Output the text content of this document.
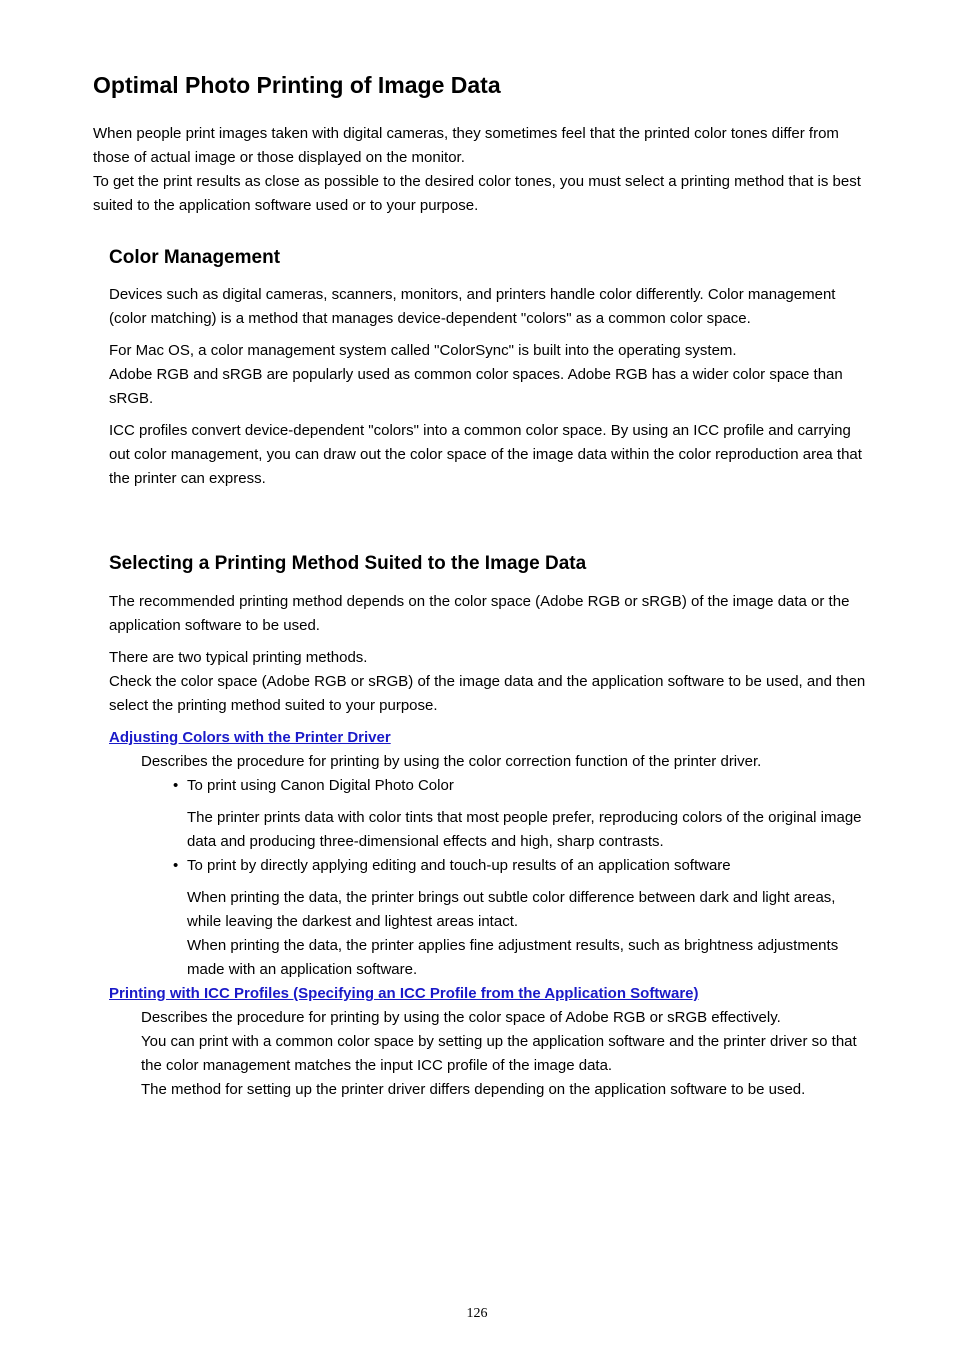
Optimal Photo Printing of Image Data

When people print images taken with digital cameras, they sometimes feel that the printed color tones differ from those of actual image or those displayed on the monitor.

To get the print results as close as possible to the desired color tones, you must select a printing method that is best suited to the application software used or to your purpose.

Color Management

Devices such as digital cameras, scanners, monitors, and printers handle color differently. Color management (color matching) is a method that manages device-dependent "colors" as a common color space.

For Mac OS, a color management system called "ColorSync" is built into the operating system.

Adobe RGB and sRGB are popularly used as common color spaces. Adobe RGB has a wider color space than sRGB.

ICC profiles convert device-dependent "colors" into a common color space. By using an ICC profile and carrying out color management, you can draw out the color space of the image data within the color reproduction area that the printer can express.

Selecting a Printing Method Suited to the Image Data

The recommended printing method depends on the color space (Adobe RGB or sRGB) of the image data or the application software to be used.

There are two typical printing methods.

Check the color space (Adobe RGB or sRGB) of the image data and the application software to be used, and then select the printing method suited to your purpose.

Adjusting Colors with the Printer Driver

Describes the procedure for printing by using the color correction function of the printer driver.

• To print using Canon Digital Photo Color

The printer prints data with color tints that most people prefer, reproducing colors of the original image data and producing three-dimensional effects and high, sharp contrasts.

• To print by directly applying editing and touch-up results of an application software

When printing the data, the printer brings out subtle color difference between dark and light areas, while leaving the darkest and lightest areas intact.

When printing the data, the printer applies fine adjustment results, such as brightness adjustments made with an application software.

Printing with ICC Profiles (Specifying an ICC Profile from the Application Software)

Describes the procedure for printing by using the color space of Adobe RGB or sRGB effectively.

You can print with a common color space by setting up the application software and the printer driver so that the color management matches the input ICC profile of the image data.

The method for setting up the printer driver differs depending on the application software to be used.

126
